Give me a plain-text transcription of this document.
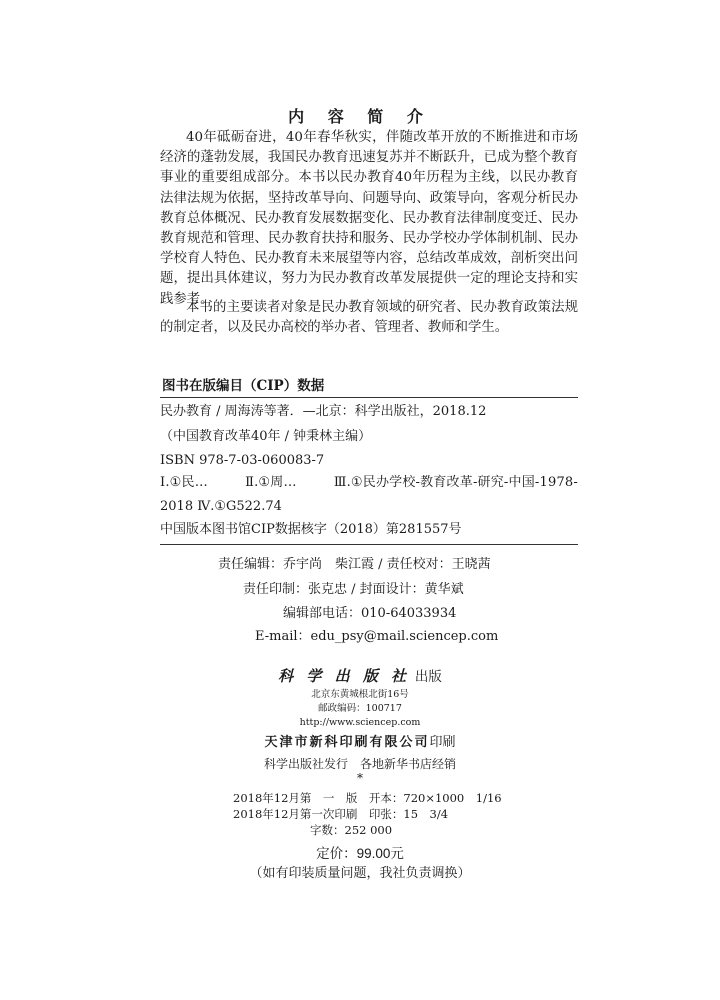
内 容 简 介

40年砥砺奋进，40年春华秋实，伴随改革开放的不断推进和市场经济的蓬勃发展，我国民办教育迅速复苏并不断跃升，已成为整个教育事业的重要组成部分。本书以民办教育40年历程为主线，以民办教育法律法规为依据，坚持改革导向、问题导向、政策导向，客观分析民办教育总体概况、民办教育发展数据变化、民办教育法律制度变迁、民办教育规范和管理、民办教育扶持和服务、民办学校办学体制机制、民办学校育人特色、民办教育未来展望等内容，总结改革成效，剖析突出问题，提出具体建议，努力为民办教育改革发展提供一定的理论支持和实践参考。

本书的主要读者对象是民办教育领域的研究者、民办教育政策法规的制定者，以及民办高校的举办者、管理者、教师和学生。

图书在版编目（CIP）数据
民办教育 / 周海涛等著．—北京：科学出版社，2018.12
（中国教育改革40年 / 钟秉林主编）
ISBN 978-7-03-060083-7
Ⅰ.①民…	Ⅱ.①周…	Ⅲ.①民办学校-教育改革-研究-中国-1978-
2018 Ⅳ.①G522.74
中国版本图书馆CIP数据核字（2018）第281557号
责任编辑：乔宇尚　柴江霞 / 责任校对：王晓茜
责任印制：张克忠 / 封面设计：黄华斌
编辑部电话：010-64033934
E-mail：edu_psy@mail.sciencep.com
科 学 出 版 社 出版
北京东黄城根北街16号
邮政编码：100717
http://www.sciencep.com
天津市新科印刷有限公司印刷
科学出版社发行　各地新华书店经销
*
2018年12月第　一　版　开本：720×1000　1/16
2018年12月第一次印刷　印张：15　3/4
字数：252 000
定价：99.00元
（如有印装质量问题，我社负责调换）
